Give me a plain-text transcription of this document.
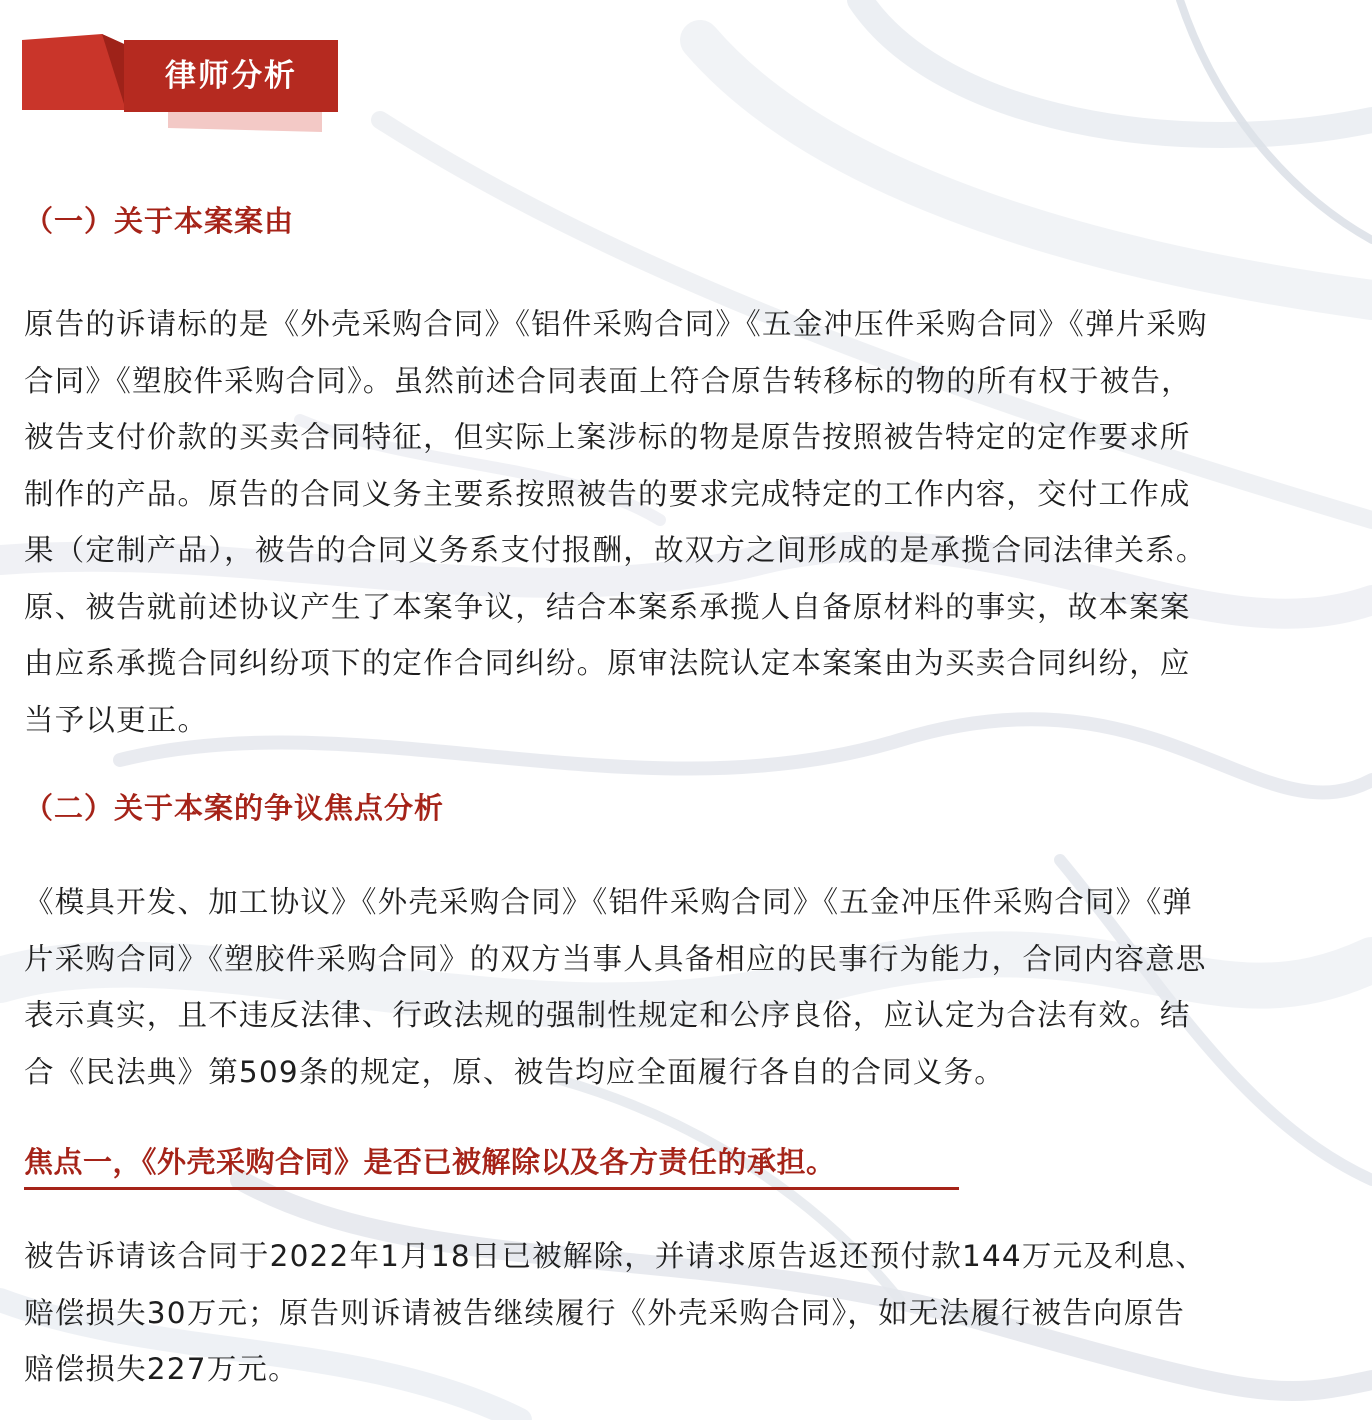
律师分析
（一）关于本案案由
原告的诉请标的是《外壳采购合同》《铝件采购合同》《五金冲压件采购合同》《弹片采购
合同》《塑胶件采购合同》。虽然前述合同表面上符合原告转移标的物的所有权于被告，
被告支付价款的买卖合同特征，但实际上案涉标的物是原告按照被告特定的定作要求所
制作的产品。原告的合同义务主要系按照被告的要求完成特定的工作内容，交付工作成
果（定制产品），被告的合同义务系支付报酬，故双方之间形成的是承揽合同法律关系。
原、被告就前述协议产生了本案争议，结合本案系承揽人自备原材料的事实，故本案案
由应系承揽合同纠纷项下的定作合同纠纷。原审法院认定本案案由为买卖合同纠纷，应
当予以更正。
（二）关于本案的争议焦点分析
《模具开发、加工协议》《外壳采购合同》《铝件采购合同》《五金冲压件采购合同》《弹
片采购合同》《塑胶件采购合同》的双方当事人具备相应的民事行为能力，合同内容意思
表示真实，且不违反法律、行政法规的强制性规定和公序良俗，应认定为合法有效。结
合《民法典》第509条的规定，原、被告均应全面履行各自的合同义务。
焦点一，《外壳采购合同》是否已被解除以及各方责任的承担。
被告诉请该合同于2022年1月18日已被解除，并请求原告返还预付款144万元及利息、
赔偿损失30万元；原告则诉请被告继续履行《外壳采购合同》，如无法履行被告向原告
赔偿损失227万元。
